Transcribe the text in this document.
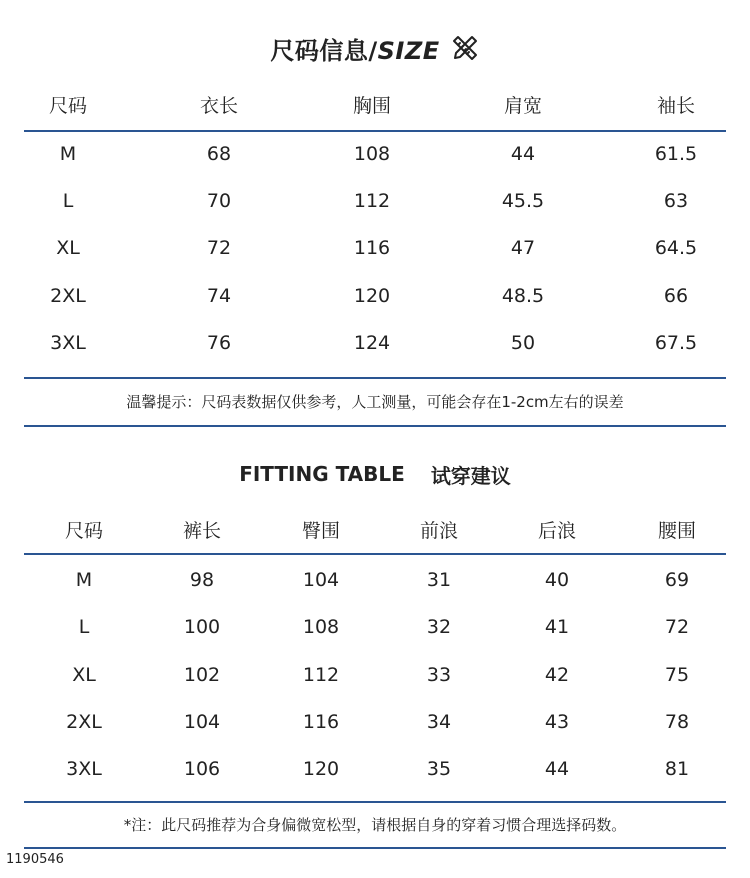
尺码信息/SIZE
尺码	衣长	胸围	肩宽	袖长
M	68	108	44	61.5
L	70	112	45.5	63
XL	72	116	47	64.5
2XL	74	120	48.5	66
3XL	76	124	50	67.5
温馨提示：尺码表数据仅供参考，人工测量，可能会存在1-2cm左右的误差
FITTING TABLE 试穿建议
尺码	裤长	臀围	前浪	后浪	腰围
M	98	104	31	40	69
L	100	108	32	41	72
XL	102	112	33	42	75
2XL	104	116	34	43	78
3XL	106	120	35	44	81
*注：此尺码推荐为合身偏微宽松型，请根据自身的穿着习惯合理选择码数。
1190546
